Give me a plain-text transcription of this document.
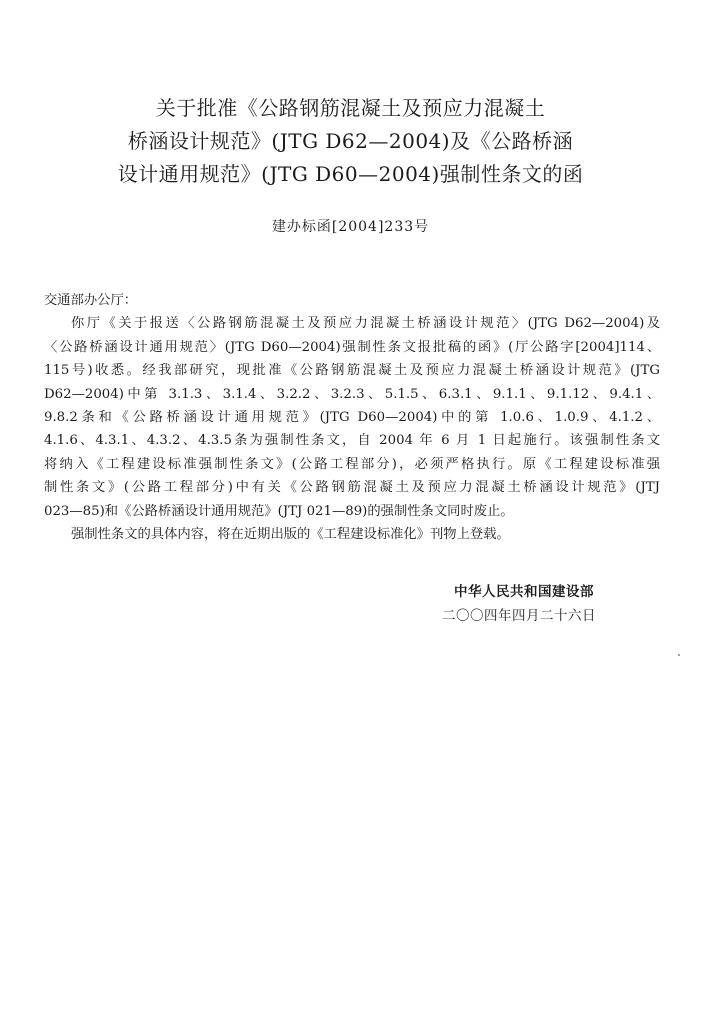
关于批准《公路钢筋混凝土及预应力混凝土
桥涵设计规范》(JTG D62—2004)及《公路桥涵
设计通用规范》(JTG D60—2004)强制性条文的函
建办标函[2004]233号
交通部办公厅：
你厅《关于报送〈公路钢筋混凝土及预应力混凝土桥涵设计规范〉(JTG D62—2004)及
〈公路桥涵设计通用规范〉(JTG D60—2004)强制性条文报批稿的函》(厅公路字[2004]114、
115号)收悉。经我部研究，现批准《公路钢筋混凝土及预应力混凝土桥涵设计规范》(JTG
D62—2004)中第 3.1.3、3.1.4、3.2.2、3.2.3、5.1.5、6.3.1、9.1.1、9.1.12、9.4.1、
9.8.2条和《公路桥涵设计通用规范》(JTG D60—2004)中的第 1.0.6、1.0.9、4.1.2、
4.1.6、4.3.1、4.3.2、4.3.5条为强制性条文，自 2004 年 6 月 1 日起施行。该强制性条文
将纳入《工程建设标准强制性条文》(公路工程部分)，必须严格执行。原《工程建设标准强
制性条文》(公路工程部分)中有关《公路钢筋混凝土及预应力混凝土桥涵设计规范》(JTJ
023—85)和《公路桥涵设计通用规范》(JTJ 021—89)的强制性条文同时废止。
强制性条文的具体内容，将在近期出版的《工程建设标准化》刊物上登载。
中华人民共和国建设部
二〇〇四年四月二十六日
